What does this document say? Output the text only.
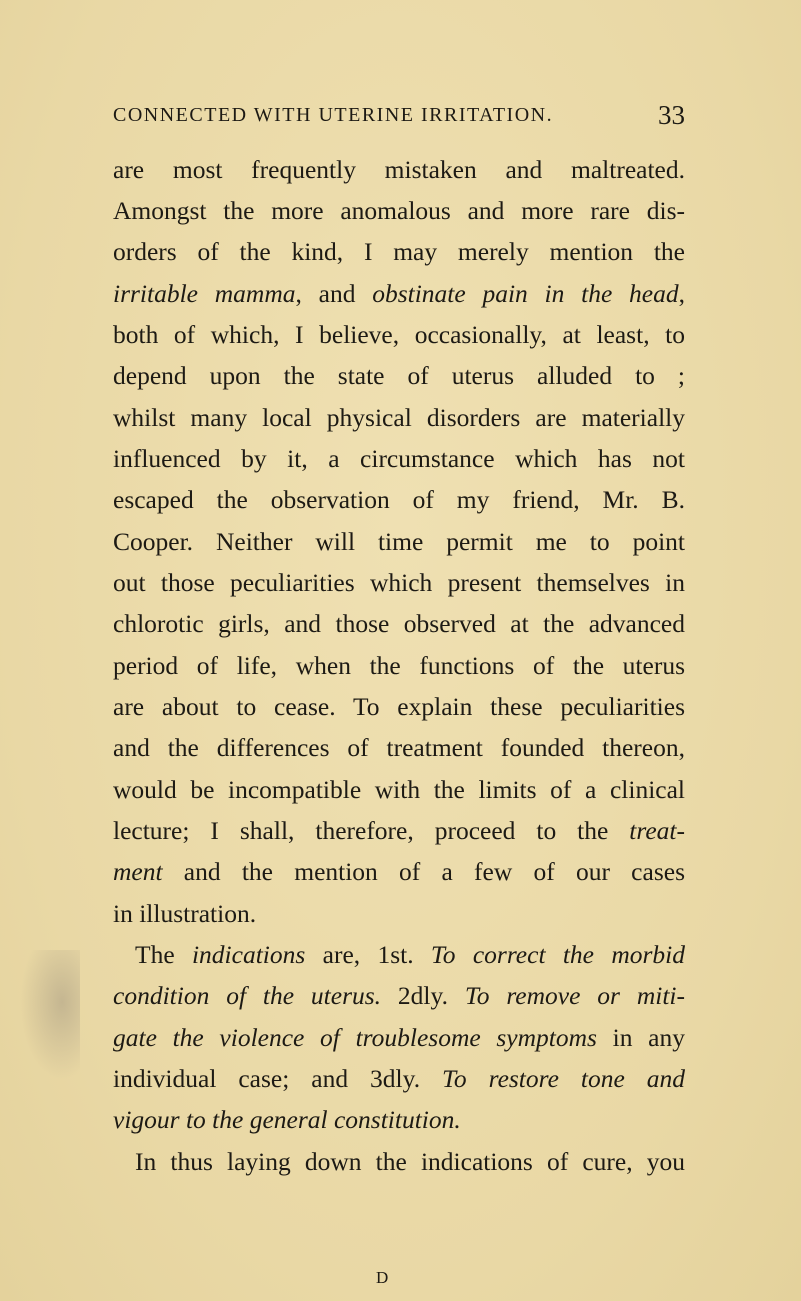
CONNECTED WITH UTERINE IRRITATION.	33
are most frequently mistaken and maltreated.
Amongst the more anomalous and more rare dis-
orders of the kind, I may merely mention the
irritable mamma, and obstinate pain in the head,
both of which, I believe, occasionally, at least, to
depend upon the state of uterus alluded to ;
whilst many local physical disorders are materially
influenced by it, a circumstance which has not
escaped the observation of my friend, Mr. B.
Cooper. Neither will time permit me to point
out those peculiarities which present themselves in
chlorotic girls, and those observed at the advanced
period of life, when the functions of the uterus
are about to cease. To explain these peculiarities
and the differences of treatment founded thereon,
would be incompatible with the limits of a clinical
lecture; I shall, therefore, proceed to the treat-
ment and the mention of a few of our cases
in illustration.
The indications are, 1st. To correct the morbid
condition of the uterus. 2dly. To remove or miti-
gate the violence of troublesome symptoms in any
individual case; and 3dly. To restore tone and
vigour to the general constitution.
In thus laying down the indications of cure, you
D
